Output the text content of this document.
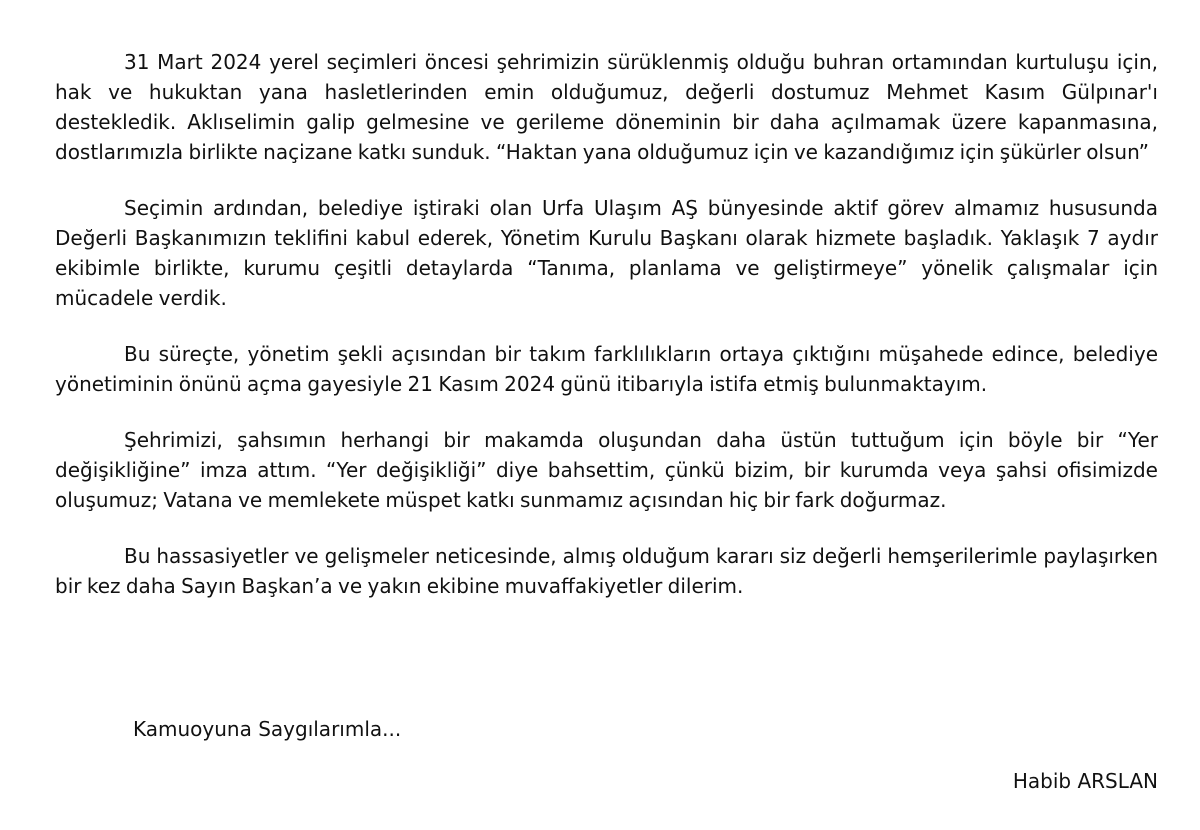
31 Mart 2024 yerel seçimleri öncesi şehrimizin sürüklenmiş olduğu buhran ortamından kurtuluşu için, hak ve hukuktan yana hasletlerinden emin olduğumuz, değerli dostumuz Mehmet Kasım Gülpınar'ı destekledik. Aklıselimin galip gelmesine ve gerileme döneminin bir daha açılmamak üzere kapanmasına, dostlarımızla birlikte naçizane katkı sunduk. “Haktan yana olduğumuz için ve kazandığımız için şükürler olsun”

Seçimin ardından, belediye iştiraki olan Urfa Ulaşım AŞ bünyesinde aktif görev almamız hususunda Değerli Başkanımızın teklifini kabul ederek, Yönetim Kurulu Başkanı olarak hizmete başladık. Yaklaşık 7 aydır ekibimle birlikte, kurumu çeşitli detaylarda “Tanıma, planlama ve geliştirmeye” yönelik çalışmalar için mücadele verdik.

Bu süreçte, yönetim şekli açısından bir takım farklılıkların ortaya çıktığını müşahede edince, belediye yönetiminin önünü açma gayesiyle 21 Kasım 2024 günü itibarıyla istifa etmiş bulunmaktayım.

Şehrimizi, şahsımın herhangi bir makamda oluşundan daha üstün tuttuğum için böyle bir “Yer değişikliğine” imza attım. “Yer değişikliği” diye bahsettim, çünkü bizim, bir kurumda veya şahsi ofisimizde oluşumuz; Vatana ve memlekete müspet katkı sunmamız açısından hiç bir fark doğurmaz.

Bu hassasiyetler ve gelişmeler neticesinde, almış olduğum kararı siz değerli hemşerilerimle paylaşırken bir kez daha Sayın Başkan’a ve yakın ekibine muvaffakiyetler dilerim.

Kamuoyuna Saygılarımla...
Habib ARSLAN
